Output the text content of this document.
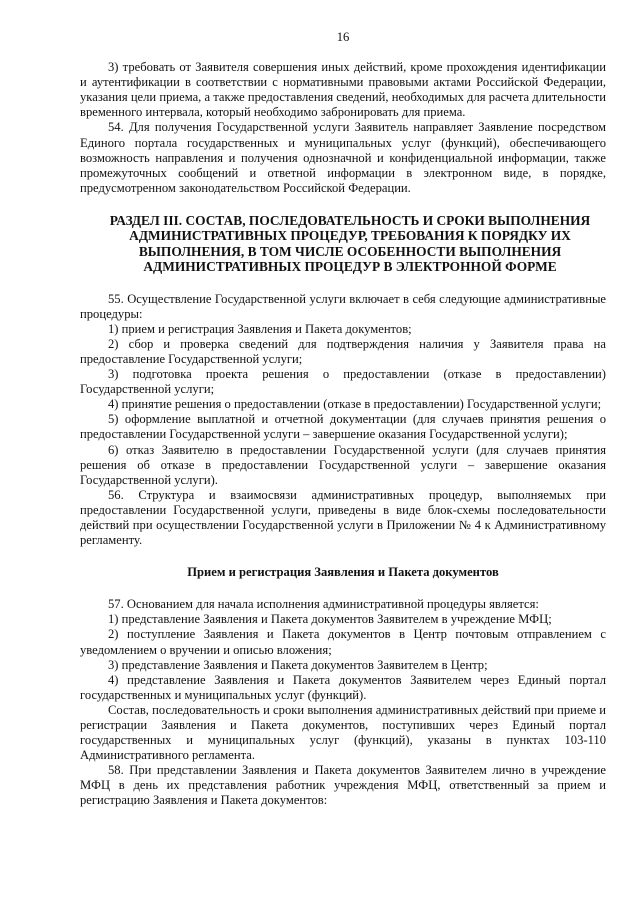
16

3) требовать от Заявителя совершения иных действий, кроме прохождения идентификации и аутентификации в соответствии с нормативными правовыми актами Российской Федерации, указания цели приема, а также предоставления сведений, необходимых для расчета длительности временного интервала, который необходимо забронировать для приема.

54. Для получения Государственной услуги Заявитель направляет Заявление посредством Единого портала государственных и муниципальных услуг (функций), обеспечивающего возможность направления и получения однозначной и конфиденциальной информации, также промежуточных сообщений и ответной информации в электронном виде, в порядке, предусмотренном законодательством Российской Федерации.

РАЗДЕЛ III. СОСТАВ, ПОСЛЕДОВАТЕЛЬНОСТЬ И СРОКИ ВЫПОЛНЕНИЯ АДМИНИСТРАТИВНЫХ ПРОЦЕДУР, ТРЕБОВАНИЯ К ПОРЯДКУ ИХ ВЫПОЛНЕНИЯ, В ТОМ ЧИСЛЕ ОСОБЕННОСТИ ВЫПОЛНЕНИЯ АДМИНИСТРАТИВНЫХ ПРОЦЕДУР В ЭЛЕКТРОННОЙ ФОРМЕ

55. Осуществление Государственной услуги включает в себя следующие административные процедуры:

1) прием и регистрация Заявления и Пакета документов;

2) сбор и проверка сведений для подтверждения наличия у Заявителя права на предоставление Государственной услуги;

3) подготовка проекта решения о предоставлении (отказе в предоставлении) Государственной услуги;

4) принятие решения о предоставлении (отказе в предоставлении) Государственной услуги;

5) оформление выплатной и отчетной документации (для случаев принятия решения о предоставлении Государственной услуги – завершение оказания Государственной услуги);

6) отказ Заявителю в предоставлении Государственной услуги (для случаев принятия решения об отказе в предоставлении Государственной услуги – завершение оказания Государственной услуги).

56. Структура и взаимосвязи административных процедур, выполняемых при предоставлении Государственной услуги, приведены в виде блок-схемы последовательности действий при осуществлении Государственной услуги в Приложении № 4 к Административному регламенту.

Прием и регистрация Заявления и Пакета документов

57. Основанием для начала исполнения административной процедуры является:

1) представление Заявления и Пакета документов Заявителем в учреждение МФЦ;

2) поступление Заявления и Пакета документов в Центр почтовым отправлением с уведомлением о вручении и описью вложения;

3) представление Заявления и Пакета документов Заявителем в Центр;

4) представление Заявления и Пакета документов Заявителем через Единый портал государственных и муниципальных услуг (функций).

Состав, последовательность и сроки выполнения административных действий при приеме и регистрации Заявления и Пакета документов, поступивших через Единый портал государственных и муниципальных услуг (функций), указаны в пунктах 103-110 Административного регламента.

58. При представлении Заявления и Пакета документов Заявителем лично в учреждение МФЦ в день их представления работник учреждения МФЦ, ответственный за прием и регистрацию Заявления и Пакета документов:
